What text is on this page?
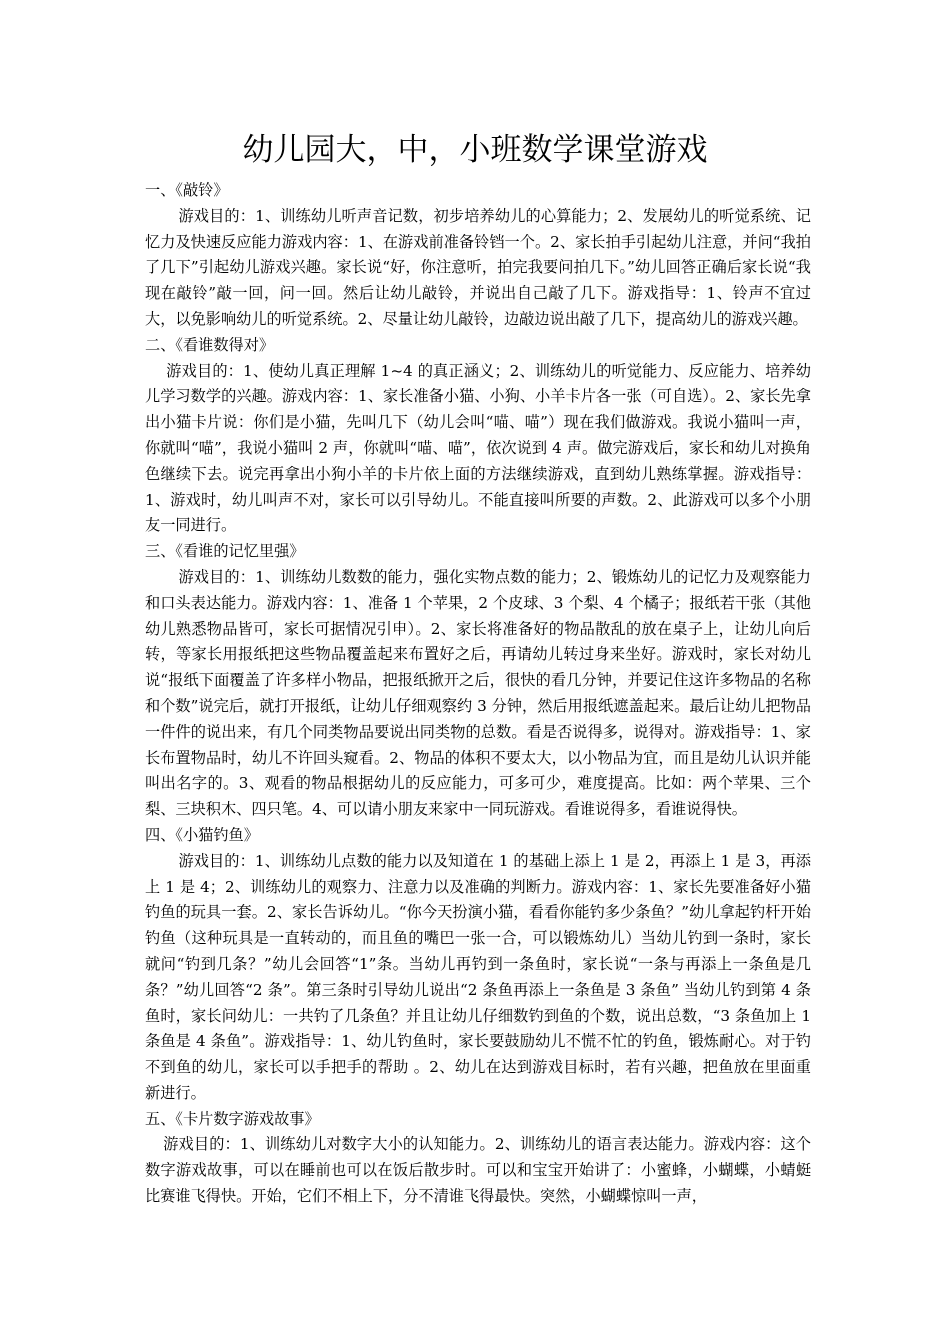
幼儿园大，中，小班数学课堂游戏

一、《敲铃》

游戏目的：1、训练幼儿听声音记数，初步培养幼儿的心算能力；2、发展幼儿的听觉系统、记忆力及快速反应能力游戏内容：1、在游戏前准备铃铛一个。2、家长拍手引起幼儿注意，并问“我拍了几下”引起幼儿游戏兴趣。家长说“好，你注意听，拍完我要问拍几下。”幼儿回答正确后家长说“我现在敲铃”敲一回，问一回。然后让幼儿敲铃，并说出自己敲了几下。游戏指导：1、铃声不宜过大，以免影响幼儿的听觉系统。2、尽量让幼儿敲铃，边敲边说出敲了几下，提高幼儿的游戏兴趣。

二、《看谁数得对》

游戏目的：1、使幼儿真正理解 1~4 的真正涵义；2、训练幼儿的听觉能力、反应能力、培养幼儿学习数学的兴趣。游戏内容：1、家长准备小猫、小狗、小羊卡片各一张（可自选）。2、家长先拿出小猫卡片说：你们是小猫，先叫几下（幼儿会叫“喵、喵”）现在我们做游戏。我说小猫叫一声，你就叫“喵”，我说小猫叫 2 声，你就叫“喵、喵”，依次说到 4 声。做完游戏后，家长和幼儿对换角色继续下去。说完再拿出小狗小羊的卡片依上面的方法继续游戏，直到幼儿熟练掌握。游戏指导：1、游戏时，幼儿叫声不对，家长可以引导幼儿。不能直接叫所要的声数。2、此游戏可以多个小朋友一同进行。

三、《看谁的记忆里强》

游戏目的：1、训练幼儿数数的能力，强化实物点数的能力；2、锻炼幼儿的记忆力及观察能力和口头表达能力。游戏内容：1、准备 1 个苹果，2 个皮球、3 个梨、4 个橘子；报纸若干张（其他幼儿熟悉物品皆可，家长可据情况引申）。2、家长将准备好的物品散乱的放在桌子上，让幼儿向后转，等家长用报纸把这些物品覆盖起来布置好之后，再请幼儿转过身来坐好。游戏时，家长对幼儿说“报纸下面覆盖了许多样小物品，把报纸掀开之后，很快的看几分钟，并要记住这许多物品的名称和个数”说完后，就打开报纸，让幼儿仔细观察约 3 分钟，然后用报纸遮盖起来。最后让幼儿把物品一件件的说出来，有几个同类物品要说出同类物的总数。看是否说得多，说得对。游戏指导：1、家长布置物品时，幼儿不许回头窥看。2、物品的体积不要太大，以小物品为宜，而且是幼儿认识并能叫出名字的。3、观看的物品根据幼儿的反应能力，可多可少，难度提高。比如：两个苹果、三个梨、三块积木、四只笔。4、可以请小朋友来家中一同玩游戏。看谁说得多，看谁说得快。

四、《小猫钓鱼》

游戏目的：1、训练幼儿点数的能力以及知道在 1 的基础上添上 1 是 2，再添上 1 是 3，再添上 1 是 4；2、训练幼儿的观察力、注意力以及准确的判断力。游戏内容：1、家长先要准备好小猫钓鱼的玩具一套。2、家长告诉幼儿。“你今天扮演小猫，看看你能钓多少条鱼？”幼儿拿起钓杆开始钓鱼（这种玩具是一直转动的，而且鱼的嘴巴一张一合，可以锻炼幼儿）当幼儿钓到一条时，家长就问“钓到几条？”幼儿会回答“1”条。当幼儿再钓到一条鱼时，家长说“一条与再添上一条鱼是几条？”幼儿回答“2 条”。第三条时引导幼儿说出“2 条鱼再添上一条鱼是 3 条鱼” 当幼儿钓到第 4 条鱼时，家长问幼儿：一共钓了几条鱼？并且让幼儿仔细数钓到鱼的个数，说出总数，“3 条鱼加上 1 条鱼是 4 条鱼”。游戏指导：1、幼儿钓鱼时，家长要鼓励幼儿不慌不忙的钓鱼，锻炼耐心。对于钓不到鱼的幼儿，家长可以手把手的帮助 。2、幼儿在达到游戏目标时，若有兴趣，把鱼放在里面重新进行。

五、《卡片数字游戏故事》

游戏目的：1、训练幼儿对数字大小的认知能力。2、训练幼儿的语言表达能力。游戏内容：这个数字游戏故事，可以在睡前也可以在饭后散步时。可以和宝宝开始讲了：小蜜蜂，小蝴蝶，小蜻蜓比赛谁飞得快。开始，它们不相上下，分不清谁飞得最快。突然，小蝴蝶惊叫一声，
